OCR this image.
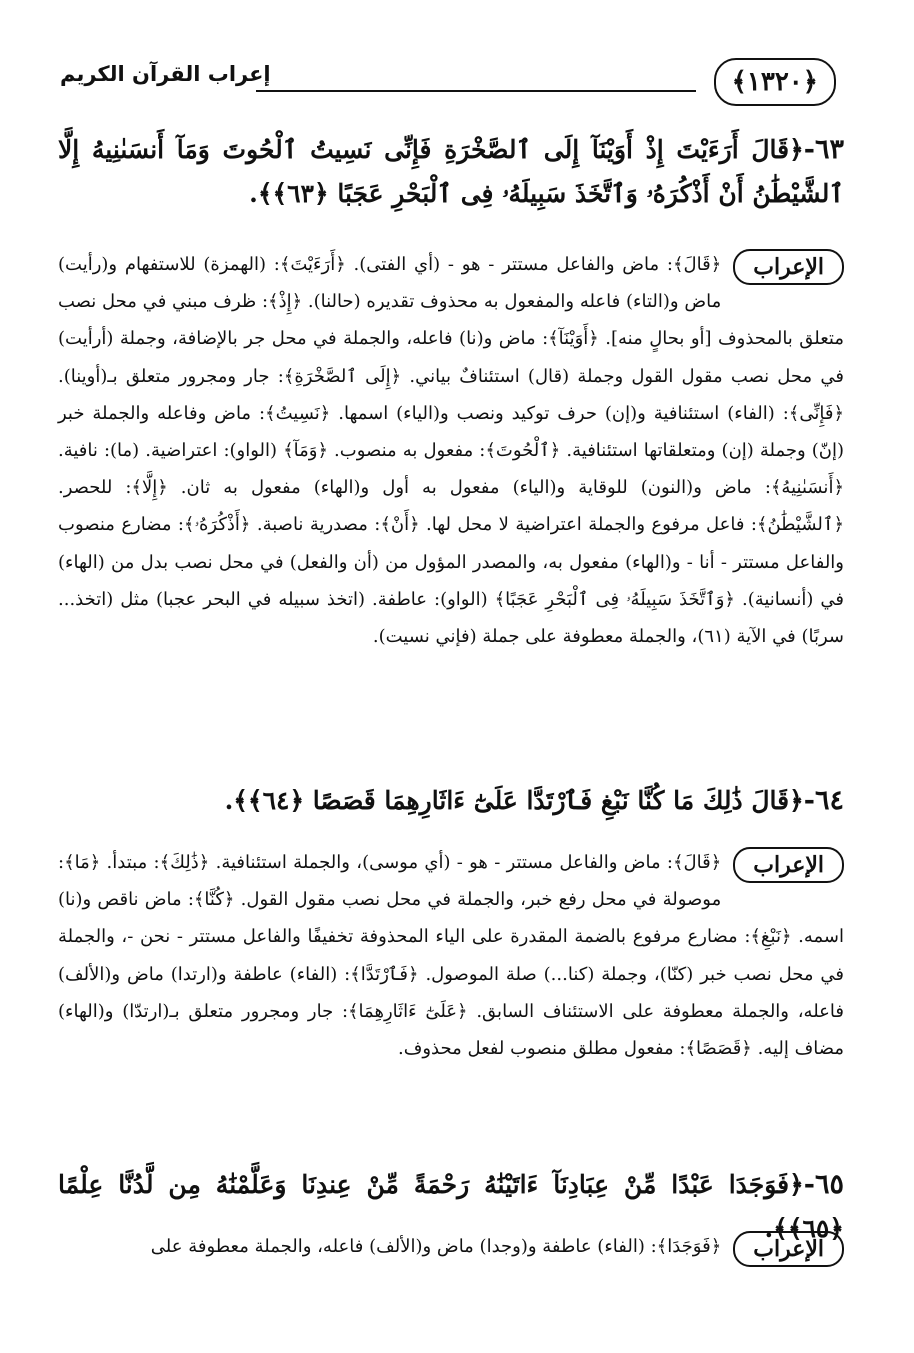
﴿١٣٢٠﴾
إعراب القرآن الكريم
٦٣-﴿قَالَ أَرَءَيْتَ إِذْ أَوَيْنَآ إِلَى ٱلصَّخْرَةِ فَإِنِّى نَسِيتُ ٱلْحُوتَ وَمَآ أَنسَىٰنِيهُ إِلَّا ٱلشَّيْطَٰنُ أَنْ أَذْكُرَهُۥ وَٱتَّخَذَ سَبِيلَهُۥ فِى ٱلْبَحْرِ عَجَبًا ﴿٦٣﴾﴾.
الإعراب
﴿قَالَ﴾: ماض والفاعل مستتر - هو - (أي الفتى). ﴿أَرَءَيْتَ﴾: (الهمزة) للاستفهام و(رأيت) ماض و(التاء) فاعله والمفعول به محذوف تقديره (حالنا). ﴿إِذْ﴾: ظرف مبني في محل نصب متعلق بالمحذوف [أو بحالٍ منه]. ﴿أَوَيْنَآ﴾: ماض و(نا) فاعله، والجملة في محل جر بالإضافة، وجملة (أرأيت) في محل نصب مقول القول وجملة (قال) استئنافٌ بياني. ﴿إِلَى ٱلصَّخْرَةِ﴾: جار ومجرور متعلق بـ(أوينا). ﴿فَإِنِّى﴾: (الفاء) استئنافية و(إن) حرف توكيد ونصب و(الياء) اسمها. ﴿نَسِيتُ﴾: ماض وفاعله والجملة خبر (إنّ) وجملة (إن) ومتعلقاتها استئنافية. ﴿ٱلْحُوتَ﴾: مفعول به منصوب. ﴿وَمَآ﴾ (الواو): اعتراضية. (ما): نافية. ﴿أَنسَىٰنِيهُ﴾: ماض و(النون) للوقاية و(الياء) مفعول به أول و(الهاء) مفعول به ثان. ﴿إِلَّا﴾: للحصر. ﴿ٱلشَّيْطَٰنُ﴾: فاعل مرفوع والجملة اعتراضية لا محل لها. ﴿أَنْ﴾: مصدرية ناصبة. ﴿أَذْكُرَهُۥ﴾: مضارع منصوب والفاعل مستتر - أنا - و(الهاء) مفعول به، والمصدر المؤول من (أن والفعل) في محل نصب بدل من (الهاء) في (أنسانية). ﴿وَٱتَّخَذَ سَبِيلَهُۥ فِى ٱلْبَحْرِ عَجَبًا﴾ (الواو): عاطفة. (اتخذ سبيله في البحر عجبا) مثل (اتخذ... سربًا) في الآية (٦١)، والجملة معطوفة على جملة (فإني نسيت).
٦٤-﴿قَالَ ذَٰلِكَ مَا كُنَّا نَبْغِ فَٱرْتَدَّا عَلَىٰٓ ءَاثَارِهِمَا قَصَصًا ﴿٦٤﴾﴾.
الإعراب
﴿قَالَ﴾: ماض والفاعل مستتر - هو - (أي موسى)، والجملة استئنافية. ﴿ذَٰلِكَ﴾: مبتدأ. ﴿مَا﴾: موصولة في محل رفع خبر، والجملة في محل نصب مقول القول. ﴿كُنَّا﴾: ماض ناقص و(نا) اسمه. ﴿نَبْغِ﴾: مضارع مرفوع بالضمة المقدرة على الياء المحذوفة تخفيفًا والفاعل مستتر - نحن -، والجملة في محل نصب خبر (كنّا)، وجملة (كنا...) صلة الموصول. ﴿فَٱرْتَدَّا﴾: (الفاء) عاطفة و(ارتدا) ماض و(الألف) فاعله، والجملة معطوفة على الاستئناف السابق. ﴿عَلَىٰٓ ءَاثَارِهِمَا﴾: جار ومجرور متعلق بـ(ارتدّا) و(الهاء) مضاف إليه. ﴿قَصَصًا﴾: مفعول مطلق منصوب لفعل محذوف.
٦٥-﴿فَوَجَدَا عَبْدًا مِّنْ عِبَادِنَآ ءَاتَيْنَٰهُ رَحْمَةً مِّنْ عِندِنَا وَعَلَّمْنَٰهُ مِن لَّدُنَّا عِلْمًا ﴿٦٥﴾﴾.
الإعراب
﴿فَوَجَدَا﴾: (الفاء) عاطفة و(وجدا) ماض و(الألف) فاعله، والجملة معطوفة على
